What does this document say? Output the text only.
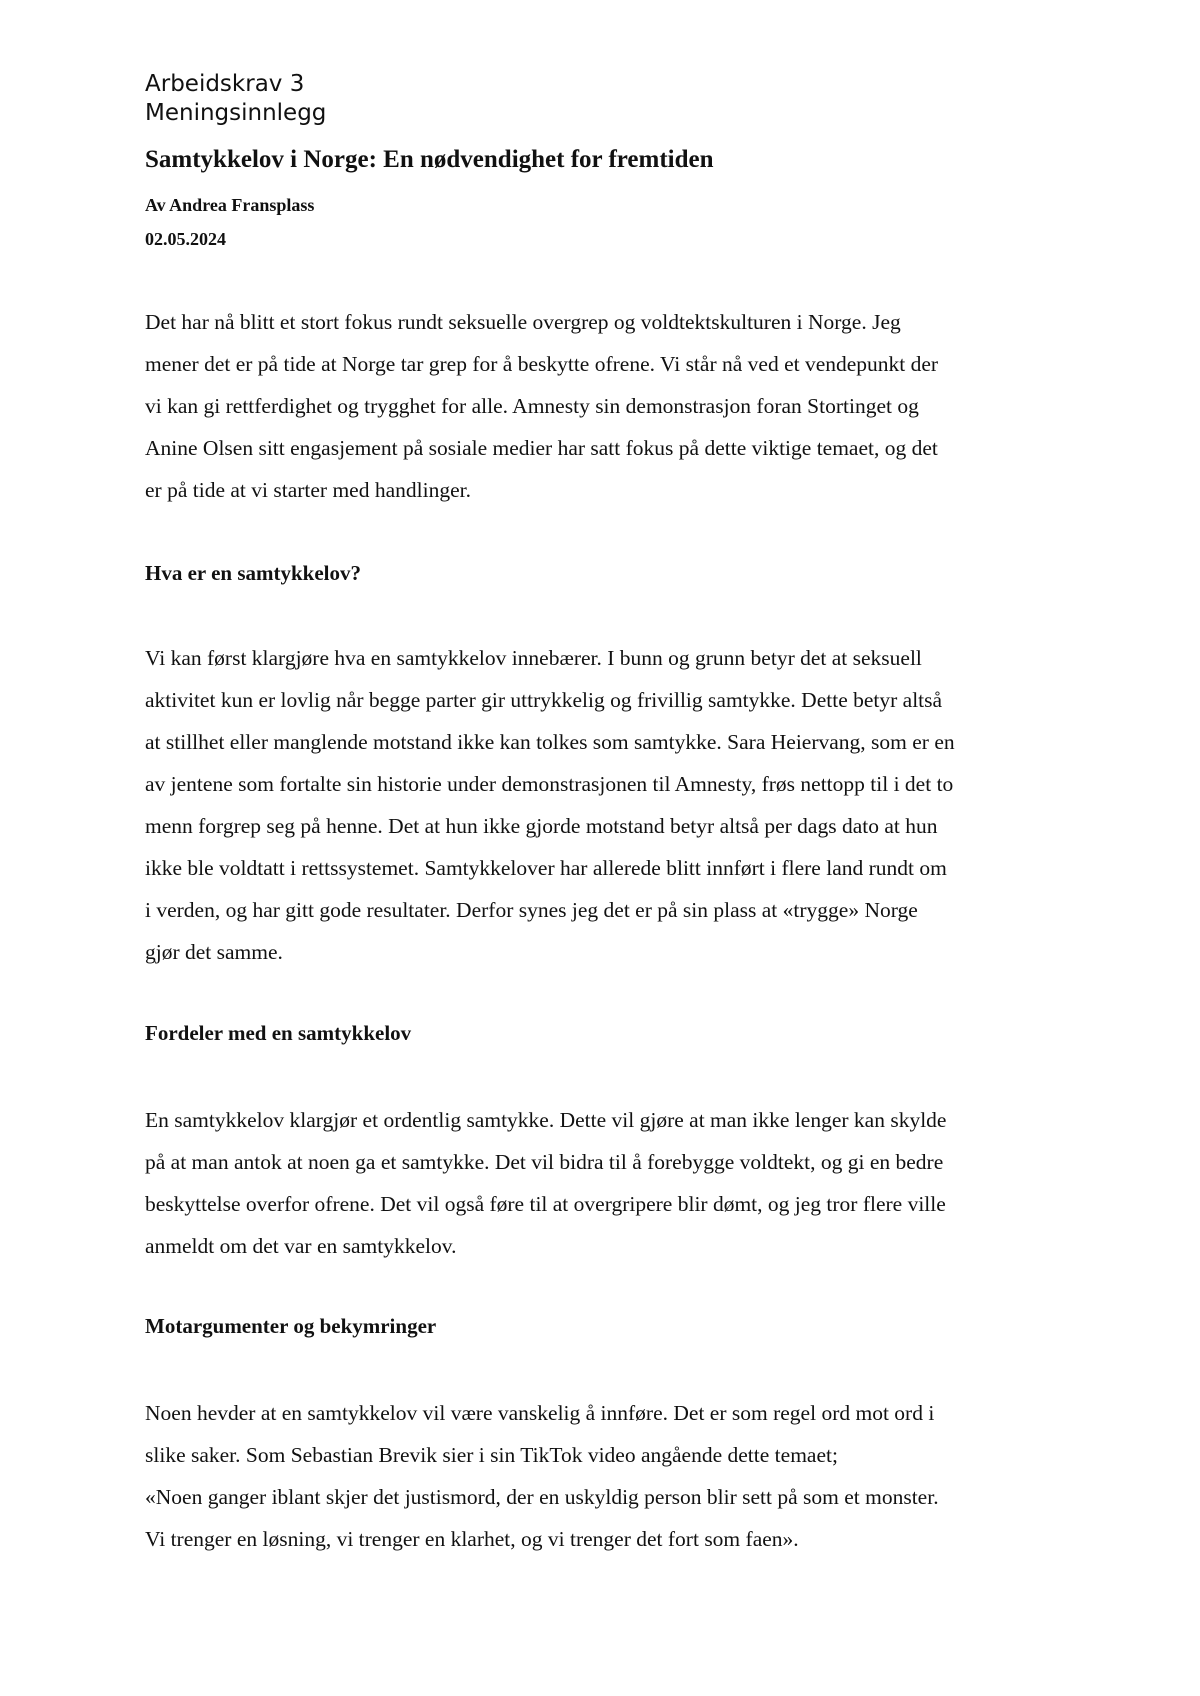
Arbeidskrav 3
Meningsinnlegg
Samtykkelov i Norge: En nødvendighet for fremtiden
Av Andrea Fransplass
02.05.2024

Det har nå blitt et stort fokus rundt seksuelle overgrep og voldtektskulturen i Norge. Jeg
mener det er på tide at Norge tar grep for å beskytte ofrene. Vi står nå ved et vendepunkt der
vi kan gi rettferdighet og trygghet for alle. Amnesty sin demonstrasjon foran Stortinget og
Anine Olsen sitt engasjement på sosiale medier har satt fokus på dette viktige temaet, og det
er på tide at vi starter med handlinger.

Hva er en samtykkelov?

Vi kan først klargjøre hva en samtykkelov innebærer. I bunn og grunn betyr det at seksuell
aktivitet kun er lovlig når begge parter gir uttrykkelig og frivillig samtykke. Dette betyr altså
at stillhet eller manglende motstand ikke kan tolkes som samtykke. Sara Heiervang, som er en
av jentene som fortalte sin historie under demonstrasjonen til Amnesty, frøs nettopp til i det to
menn forgrep seg på henne. Det at hun ikke gjorde motstand betyr altså per dags dato at hun
ikke ble voldtatt i rettssystemet. Samtykkelover har allerede blitt innført i flere land rundt om
i verden, og har gitt gode resultater. Derfor synes jeg det er på sin plass at «trygge» Norge
gjør det samme.

Fordeler med en samtykkelov

En samtykkelov klargjør et ordentlig samtykke. Dette vil gjøre at man ikke lenger kan skylde
på at man antok at noen ga et samtykke. Det vil bidra til å forebygge voldtekt, og gi en bedre
beskyttelse overfor ofrene. Det vil også føre til at overgripere blir dømt, og jeg tror flere ville
anmeldt om det var en samtykkelov.

Motargumenter og bekymringer

Noen hevder at en samtykkelov vil være vanskelig å innføre. Det er som regel ord mot ord i
slike saker. Som Sebastian Brevik sier i sin TikTok video angående dette temaet;
«Noen ganger iblant skjer det justismord, der en uskyldig person blir sett på som et monster.
Vi trenger en løsning, vi trenger en klarhet, og vi trenger det fort som faen».
